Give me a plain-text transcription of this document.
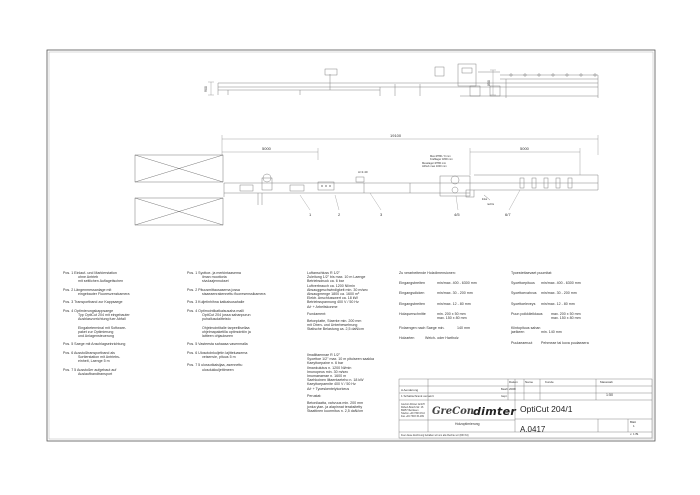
900
850
19100
5000	5000
A=1:40
Max Ø780 / 9 mm
Kraftlager 1800 mm
Messlager Ø780 mm
Abhub max 1000 mm
links
rechts
1	2	3	4/5	6/7
Pos. 1 Einlauf- und Markierstation
ohne Antrieb
mit seitlichen Auflagetischen
Pos. 2 Längenmessanlage mit
eingebauter Fluoreszenzkamera
Pos. 3 Transportband zur Kappsaege
Pos. 4 Optimierungskappsaege
Typ OptiCut 204 mit eingebauter
Ausblasvorrichtung fuer Abfall
Eingabeterminal mit Software-
paket zur Optimierung
und Anlagensteuerung
Pos. 5 Saege mit Anschlagseinrichtung
Pos. 6 Ausstoßtransportband als
Sortierstation mit Antriebs-
einheit, Laenge 5 m
Pos. 7 5 Ausstoßer aufgebaut auf
Auslaufbandtransport
Pos. 1 Syottoe- ja merkintaasema
ilman moottoria
sivulaajennukset
Pos. 2 Pituusmittausasema jossa
sisaeaenrakennettu fluoresenssikamera
Pos. 3 Kuljetinhihna katkaisusahalle
Pos. 4 Optimointikatkaisusaha malli
OptiCut 204 jossa sahanpurun
puhallusolaitteisto
Ohjelmointitalle tarpeellisellaa
ohjelmapaketilla optimointiin ja
laitteen ohjaukseen
Pos. 5 Vasteesta sahaasa vasenmalla
Pos. 6 Ulosotolnkuljetin lajitteluasema
veisenvie, pituus 5 m
Pos. 7 5 ulossotkaisijaa, asennettu
ulosdukkuljettimeen
Luftanschluss R 1/2"
Zuleitung 1/2" bis max. 10 m Laenge
Betriebsdruck ca. 6 bar
Luftverbrauch ca. 1200 Nl/min
Absauggeschwindigkeit min. 30 m/sec
Absaugmenge 1800 ca. 1600 m³
Elektr. Anschlusswert ca. 18 kW
Betriebsspannung 400 V / 50 Hz
A/r + Arbeitskonme
Fundament:
Betonplatte, Staerke min. 200 mm
mit Oben- und Unterbewehrung
Statische Belastung ca. 2,5 daN/cm
Ilmaliitaennae R 1/2"
Syoettoe 1/2" max. 10 m pituiseen saakka
Kaeyttoepaine n. 6 bar
Ilmankulutus n. 1200 Nl/min
Imunopeus min. 30 m/sec
Imumaeaerae n. 1600 m
Saehkoinen liitaentaeteho n. 18 kW
Kaeyttoepaenite 400 V / 50 Hz
A/r + Tyoeskentelykorkeus
Perustat:
Betonilaatta, vahvuus min. 200 mm
jonka ylae- ja alapinnat teraksitetty
Staattinen kuormitus n. 2,5 daN/cm
Zu verarbeitende Holzdimensionen:
Eingangsbreiten	min/max. 400 - 6300 mm
Eingangsdicken	min/max. 30 - 200 mm
Eingangsbreiten	min/max. 12 - 80 mm
Holzquerschnitte	min. 200 x 50 mm
max. 150 x 80 mm
Fixlaengen nach Saege min.	140 mm
Holzarten	Weich- oder Hartholz
Tyoestettaevaet puumitat:
Syoettoepituus min/max. 400 - 6300 mm
Syoettoevahvus min/max. 30 - 200 mm
Syoettoeleveys min/max. 12 - 80 mm
Puun poikkileikkaus max. 200 x 50 mm
max. 150 x 80 mm
Kiintopituus sahan
jaelkeen	min. 140 mm
Puulaeaeruut Pehmeae tai kova puulaeaera
1 Schaltschrank versetzt
A Aenderung
Datum Name	Kunde	Massstab
2008
Bearb.
Gepr.	1:50
GreCon Dimter GmbH
Robert-Bosch-Str. 16
89257 Illertissen
Telefon +49 7303 15-0
Fax +49 7303 15-199 GreCon
dimter
Holzoptimierung
OptiCut 204/1
A.0417
Blatt
1
v. 1 Bl.
Fuer diese Zeichnung behalten wir uns alle Rechte vor (DIN 34)
